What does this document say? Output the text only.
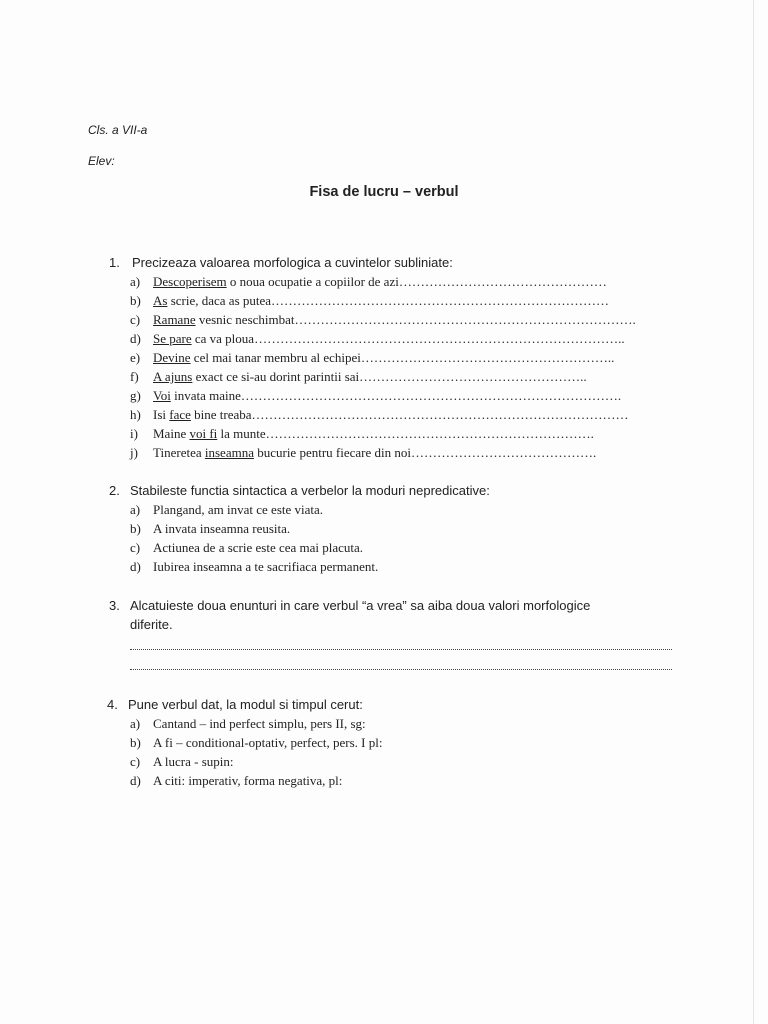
Cls. a VII-a
Elev:
Fisa de lucru – verbul
1. Precizeaza valoarea morfologica a cuvintelor subliniate:
a) Descoperisem o noua ocupatie a copiilor de azi…………………………………………
b) As scrie, daca as putea……………………………………………………………………
c) Ramane vesnic neschimbat…………………………………………………………………….
d) Se pare ca va ploua…………………………………………………………………………..
e) Devine cel mai tanar membru al echipei…………………………………………………..
f) A ajuns exact ce si-au dorint parintii sai……………………………………………..
g) Voi invata maine…………………………………………………………………………….
h) Isi face bine treaba……………………………………………………………………………
i) Maine voi fi la munte………………………………………………………………….
j) Tineretea inseamna bucurie pentru fiecare din noi…………………………………….
2. Stabileste functia sintactica a verbelor la moduri nepredicative:
a) Plangand, am invat ce este viata.
b) A invata inseamna reusita.
c) Actiunea de a scrie este cea mai placuta.
d) Iubirea inseamna a te sacrifiaca permanent.
3. Alcatuieste doua enunturi in care verbul “a vrea” sa aiba doua valori morfologice
diferite.
4. Pune verbul dat, la modul si timpul cerut:
a) Cantand – ind perfect simplu, pers II, sg:
b) A fi – conditional-optativ, perfect, pers. I pl:
c) A lucra - supin:
d) A citi: imperativ, forma negativa, pl:
